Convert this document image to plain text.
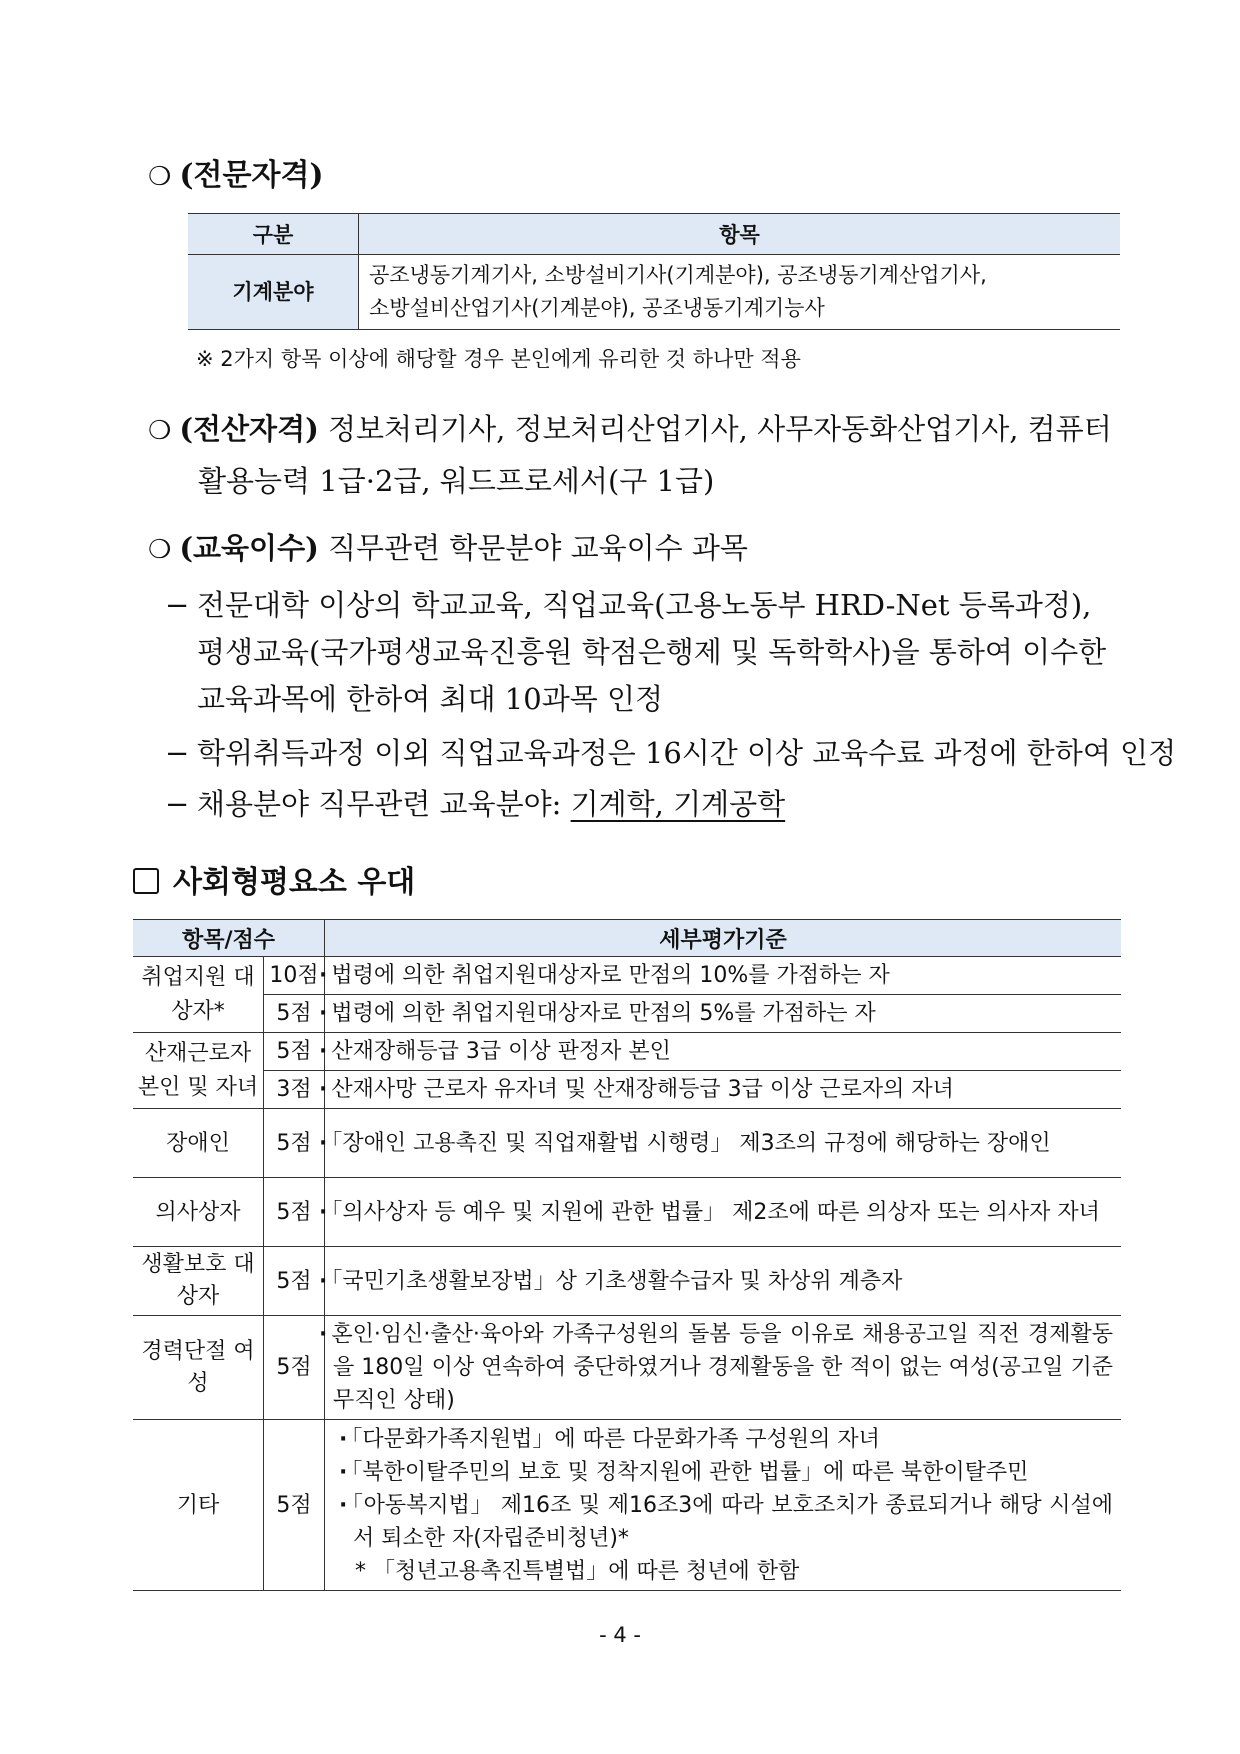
❍ (전문자격)
구분	항목
기계분야	공조냉동기계기사, 소방설비기사(기계분야), 공조냉동기계산업기사,
소방설비산업기사(기계분야), 공조냉동기계기능사
※ 2가지 항목 이상에 해당할 경우 본인에게 유리한 것 하나만 적용
❍ (전산자격) 정보처리기사, 정보처리산업기사, 사무자동화산업기사, 컴퓨터
활용능력 1급·2급, 워드프로세서(구 1급)
❍ (교육이수) 직무관련 학문분야 교육이수 과목
− 전문대학 이상의 학교교육, 직업교육(고용노동부 HRD-Net 등록과정),
평생교육(국가평생교육진흥원 학점은행제 및 독학학사)을 통하여 이수한
교육과목에 한하여 최대 10과목 인정
− 학위취득과정 이외 직업교육과정은 16시간 이상 교육수료 과정에 한하여 인정
− 채용분야 직무관련 교육분야: 기계학, 기계공학
사회형평요소 우대
항목/점수		세부평가기준
취업지원 대상자*	10점	· 법령에 의한 취업지원대상자로 만점의 10%를 가점하는 자
	5점	· 법령에 의한 취업지원대상자로 만점의 5%를 가점하는 자
산재근로자 본인 및 자녀	5점	· 산재장해등급 3급 이상 판정자 본인
	3점	· 산재사망 근로자 유자녀 및 산재장해등급 3급 이상 근로자의 자녀
장애인	5점	· 「장애인 고용촉진 및 직업재활법 시행령」 제3조의 규정에 해당하는 장애인
의사상자	5점	· 「의사상자 등 예우 및 지원에 관한 법률」 제2조에 따른 의상자 또는 의사자 자녀
생활보호 대상자	5점	· 「국민기초생활보장법」상 기초생활수급자 및 차상위 계층자
경력단절 여성	5점	· 혼인·임신·출산·육아와 가족구성원의 돌봄 등을 이유로 채용공고일 직전 경제활동을 180일 이상 연속하여 중단하였거나 경제활동을 한 적이 없는 여성(공고일 기준 무직인 상태)
기타	5점	· 「다문화가족지원법」에 따른 다문화가족 구성원의 자녀
· 「북한이탈주민의 보호 및 정착지원에 관한 법률」에 따른 북한이탈주민
· 「아동복지법」 제16조 및 제16조3에 따라 보호조치가 종료되거나 해당 시설에서 퇴소한 자(자립준비청년)*
* 「청년고용촉진특별법」에 따른 청년에 한함
- 4 -
